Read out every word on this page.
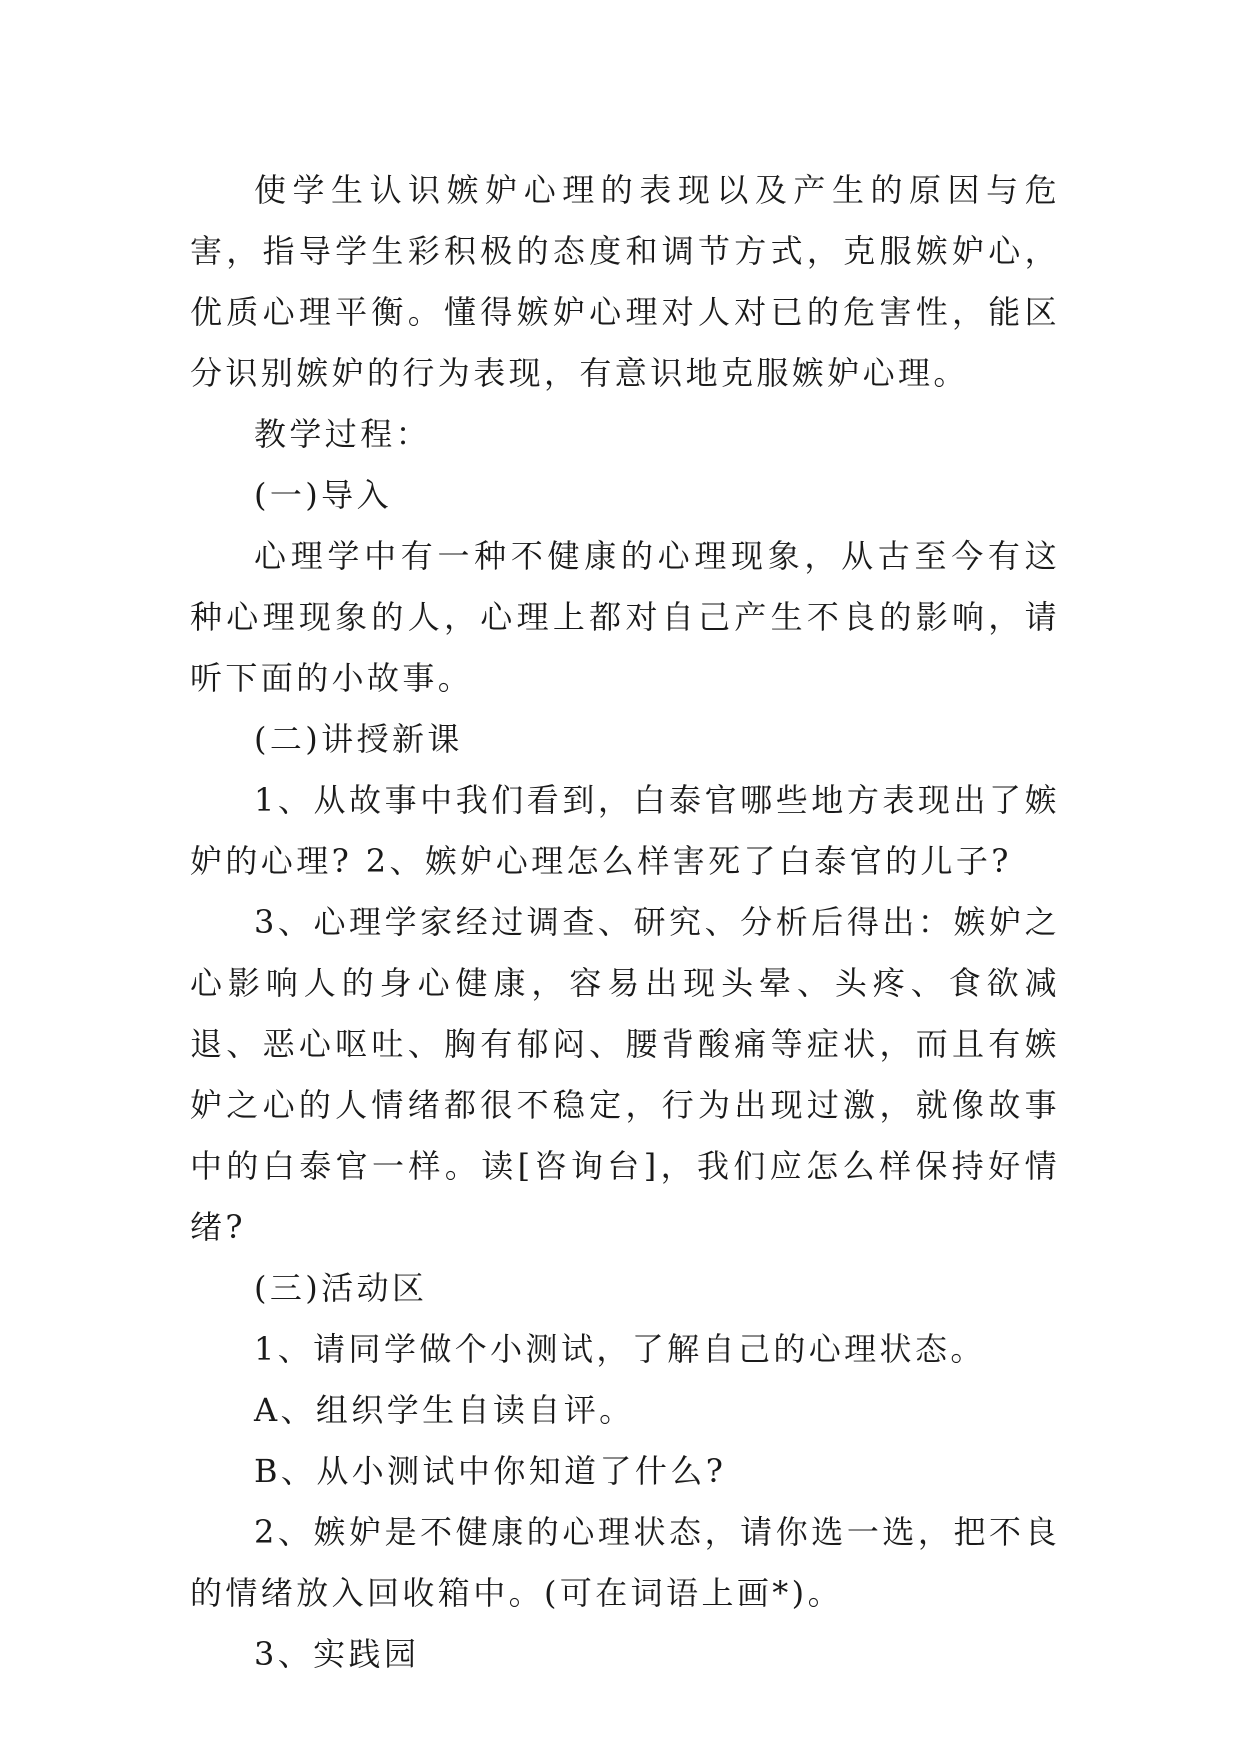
使学生认识嫉妒心理的表现以及产生的原因与危害，指导学生彩积极的态度和调节方式，克服嫉妒心，优质心理平衡。懂得嫉妒心理对人对已的危害性，能区分识别嫉妒的行为表现，有意识地克服嫉妒心理。

教学过程：

(一)导入

心理学中有一种不健康的心理现象，从古至今有这种心理现象的人，心理上都对自己产生不良的影响，请听下面的小故事。

(二)讲授新课

1、从故事中我们看到，白泰官哪些地方表现出了嫉妒的心理? 2、嫉妒心理怎么样害死了白泰官的儿子?

3、心理学家经过调查、研究、分析后得出：嫉妒之心影响人的身心健康，容易出现头晕、头疼、食欲减退、恶心呕吐、胸有郁闷、腰背酸痛等症状，而且有嫉妒之心的人情绪都很不稳定，行为出现过激，就像故事中的白泰官一样。读[咨询台]，我们应怎么样保持好情绪?

(三)活动区

1、请同学做个小测试，了解自己的心理状态。

A、组织学生自读自评。

B、从小测试中你知道了什么?

2、嫉妒是不健康的心理状态，请你选一选，把不良的情绪放入回收箱中。(可在词语上画*)。

3、实践园
